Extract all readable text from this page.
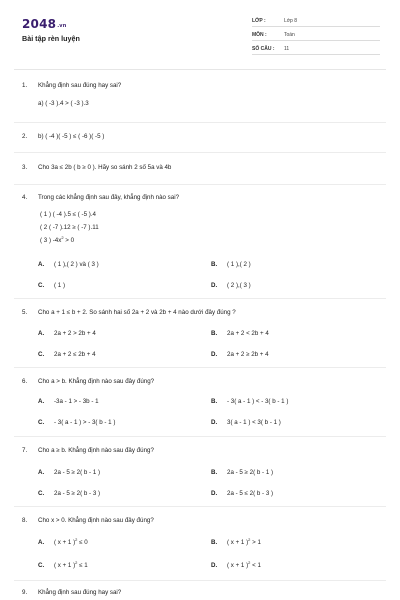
2048.vn
Bài tập rèn luyện
LỚP :	Lớp 8
MÔN :	Toán
SỐ CÂU : 11
1. Khẳng định sau đúng hay sai?
a) ( -3 ).4 > ( -3 ).3
2. b) ( -4 )( -5 ) ≤ ( -6 )( -5 )
3. Cho 3a ≤ 2b ( b ≥ 0 ). Hãy so sánh 2 số 5a và 4b
4. Trong các khẳng định sau đây, khẳng định nào sai?
( 1 ) ( -4 ).5 ≤ ( -5 ).4
( 2 ( -7 ).12 ≥ ( -7 ).11
( 3 ) $-4x^2 > 0$
A. ( 1 ),( 2 ) và ( 3 )	B. ( 1 ),( 2 )
C. ( 1 )	D. ( 2 ),( 3 )
5. Cho a + 1 ≤ b + 2. So sánh hai số 2a + 2 và 2b + 4 nào dưới đây đúng ?
A. 2a + 2 > 2b + 4	B. 2a + 2 < 2b + 4
C. 2a + 2 ≤ 2b + 4	D. 2a + 2 ≥ 2b + 4
6. Cho a > b. Khẳng định nào sau đây đúng?
A. -3a - 1 > - 3b - 1	B. - 3( a - 1 ) < - 3( b - 1 )
C. - 3( a - 1 ) > - 3( b - 1 )	D. 3( a - 1 ) < 3( b - 1 )
7. Cho a ≥ b. Khẳng định nào sau đây đúng?
A. 2a - 5 ≥ 2( b - 1 )	B. 2a - 5 ≥ 2( b - 1 )
C. 2a - 5 ≥ 2( b - 3 )	D. 2a - 5 ≤ 2( b - 3 )
8. Cho x > 0. Khẳng định nào sau đây đúng?
A. ( x + 1 )$^2$ ≤ 0	B. ( x + 1 )$^2$ > 1
C. ( x + 1 )$^2$ ≤ 1	D. ( x + 1 )$^2$ < 1
9. Khẳng định sau đúng hay sai?
